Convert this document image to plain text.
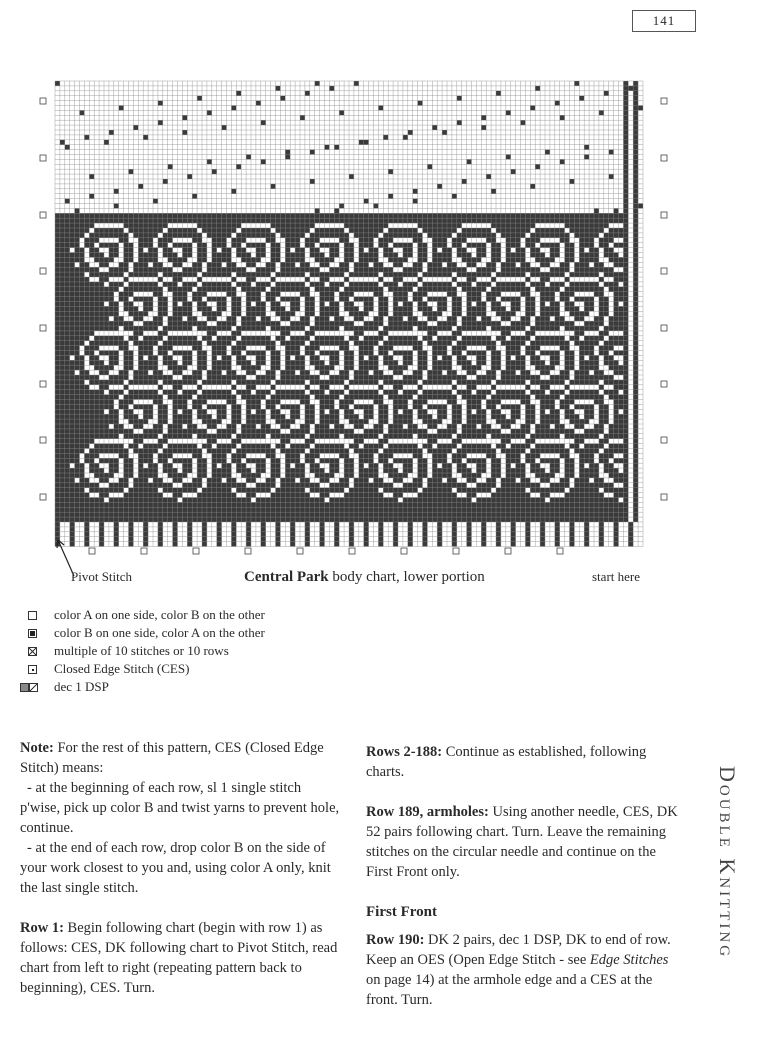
141
Pivot Stitch	Central Park body chart, lower portion	start here
color A on one side, color B on the other
color B on one side, color A on the other
multiple of 10 stitches or 10 rows
Closed Edge Stitch (CES)
dec 1 DSP

Note: For the rest of this pattern, CES (Closed Edge Stitch) means:

- at the beginning of each row, sl 1 single stitch p'wise, pick up color B and twist yarns to prevent hole, continue.

- at the end of each row, drop color B on the side of your work closest to you and, using color A only, knit the last single stitch.

Row 1: Begin following chart (begin with row 1) as follows: CES, DK following chart to Pivot Stitch, read chart from left to right (repeating pattern back to beginning), CES. Turn.

Rows 2-188: Continue as established, following charts.

Row 189, armholes: Using another needle, CES, DK 52 pairs following chart. Turn. Leave the remaining stitches on the circular needle and continue on the First Front only.

First Front

Row 190: DK 2 pairs, dec 1 DSP, DK to end of row. Keep an OES (Open Edge Stitch - see Edge Stitches on page 14) at the armhole edge and a CES at the front. Turn.

Double Knitting
